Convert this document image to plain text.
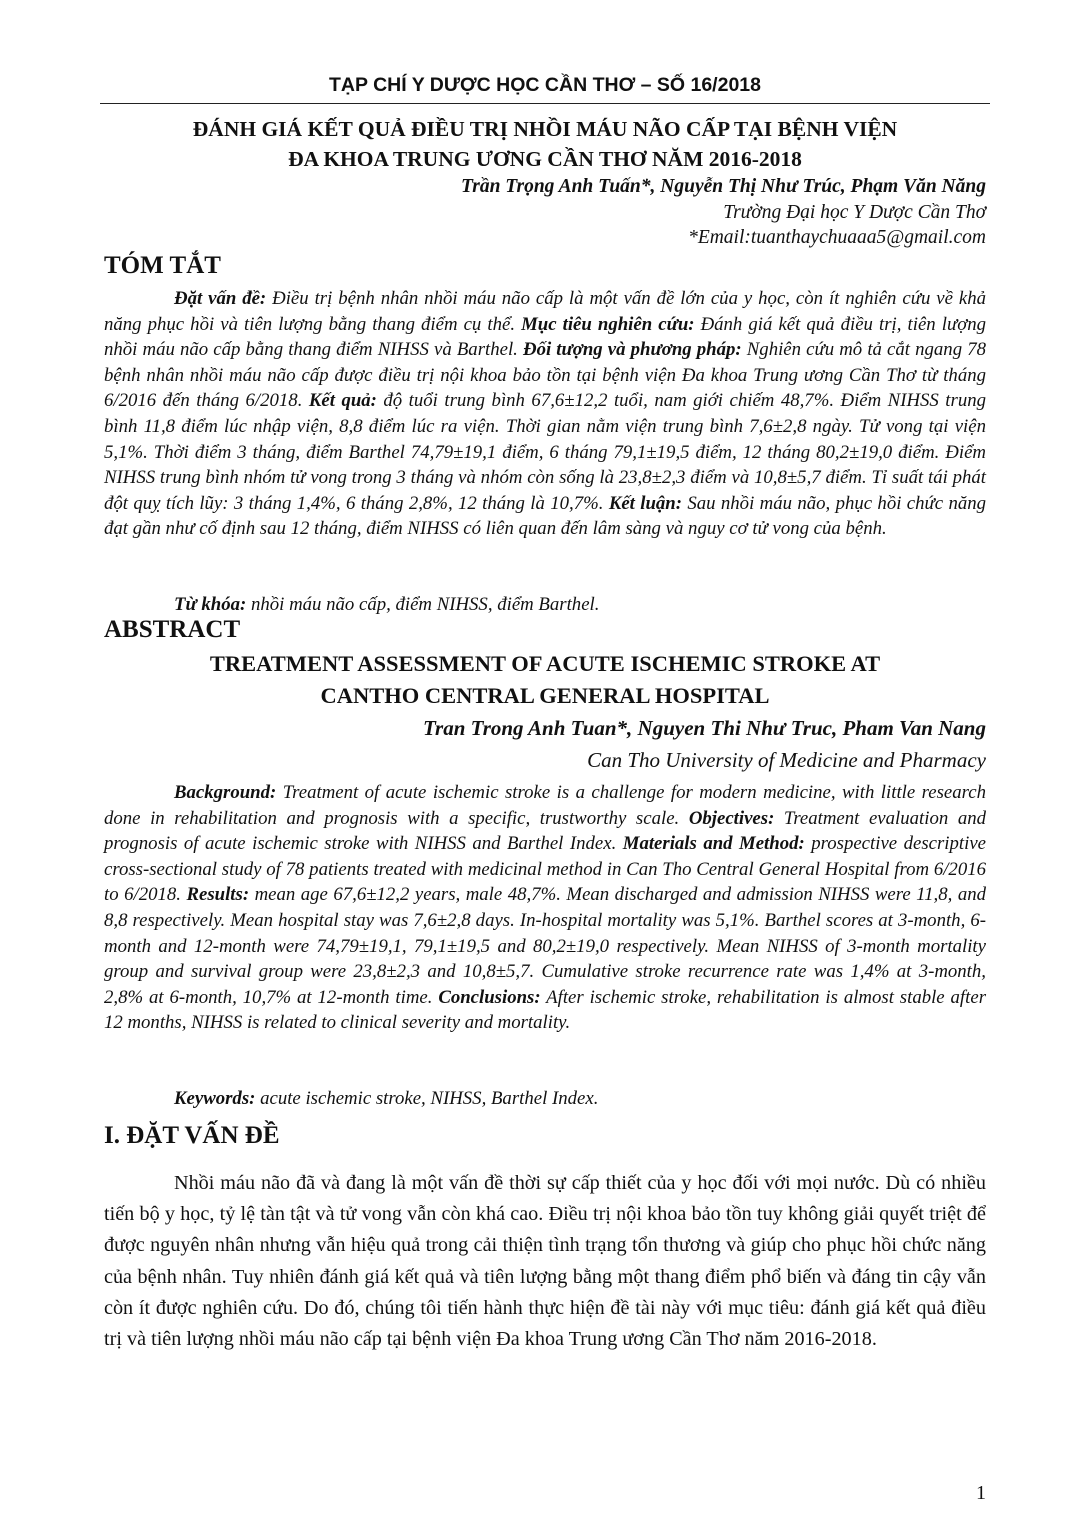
TẠP CHÍ Y DƯỢC HỌC CẦN THƠ – SỐ 16/2018
ĐÁNH GIÁ KẾT QUẢ ĐIỀU TRỊ NHỒI MÁU NÃO CẤP TẠI BỆNH VIỆN
ĐA KHOA TRUNG ƯƠNG CẦN THƠ NĂM 2016-2018
Trần Trọng Anh Tuấn*, Nguyễn Thị Như Trúc, Phạm Văn Năng
Trường Đại học Y Dược Cần Thơ
*Email:tuanthaychuaaa5@gmail.com
TÓM TẮT

Đặt vấn đề: Điều trị bệnh nhân nhồi máu não cấp là một vấn đề lớn của y học, còn ít nghiên cứu về khả năng phục hồi và tiên lượng bằng thang điểm cụ thể. Mục tiêu nghiên cứu: Đánh giá kết quả điều trị, tiên lượng nhồi máu não cấp bằng thang điểm NIHSS và Barthel. Đối tượng và phương pháp: Nghiên cứu mô tả cắt ngang 78 bệnh nhân nhồi máu não cấp được điều trị nội khoa bảo tồn tại bệnh viện Đa khoa Trung ương Cần Thơ từ tháng 6/2016 đến tháng 6/2018. Kết quả: độ tuổi trung bình 67,6±12,2 tuổi, nam giới chiếm 48,7%. Điểm NIHSS trung bình 11,8 điểm lúc nhập viện, 8,8 điểm lúc ra viện. Thời gian nằm viện trung bình 7,6±2,8 ngày. Tử vong tại viện 5,1%. Thời điểm 3 tháng, điểm Barthel 74,79±19,1 điểm, 6 tháng 79,1±19,5 điểm, 12 tháng 80,2±19,0 điểm. Điểm NIHSS trung bình nhóm tử vong trong 3 tháng và nhóm còn sống là 23,8±2,3 điểm và 10,8±5,7 điểm. Tỉ suất tái phát đột quỵ tích lũy: 3 tháng 1,4%, 6 tháng 2,8%, 12 tháng là 10,7%. Kết luận: Sau nhồi máu não, phục hồi chức năng đạt gần như cố định sau 12 tháng, điểm NIHSS có liên quan đến lâm sàng và nguy cơ tử vong của bệnh.

Từ khóa: nhồi máu não cấp, điểm NIHSS, điểm Barthel.

ABSTRACT
TREATMENT ASSESSMENT OF ACUTE ISCHEMIC STROKE AT
CANTHO CENTRAL GENERAL HOSPITAL
Tran Trong Anh Tuan*, Nguyen Thi Như Truc, Pham Van Nang
Can Tho University of Medicine and Pharmacy

Background: Treatment of acute ischemic stroke is a challenge for modern medicine, with little research done in rehabilitation and prognosis with a specific, trustworthy scale. Objectives: Treatment evaluation and prognosis of acute ischemic stroke with NIHSS and Barthel Index. Materials and Method: prospective descriptive cross-sectional study of 78 patients treated with medicinal method in Can Tho Central General Hospital from 6/2016 to 6/2018. Results: mean age 67,6±12,2 years, male 48,7%. Mean discharged and admission NIHSS were 11,8, and 8,8 respectively. Mean hospital stay was 7,6±2,8 days. In-hospital mortality was 5,1%. Barthel scores at 3-month, 6-month and 12-month were 74,79±19,1, 79,1±19,5 and 80,2±19,0 respectively. Mean NIHSS of 3-month mortality group and survival group were 23,8±2,3 and 10,8±5,7. Cumulative stroke recurrence rate was 1,4% at 3-month, 2,8% at 6-month, 10,7% at 12-month time. Conclusions: After ischemic stroke, rehabilitation is almost stable after 12 months, NIHSS is related to clinical severity and mortality.

Keywords: acute ischemic stroke, NIHSS, Barthel Index.

I. ĐẶT VẤN ĐỀ

Nhồi máu não đã và đang là một vấn đề thời sự cấp thiết của y học đối với mọi nước. Dù có nhiều tiến bộ y học, tỷ lệ tàn tật và tử vong vẫn còn khá cao. Điều trị nội khoa bảo tồn tuy không giải quyết triệt để được nguyên nhân nhưng vẫn hiệu quả trong cải thiện tình trạng tổn thương và giúp cho phục hồi chức năng của bệnh nhân. Tuy nhiên đánh giá kết quả và tiên lượng bằng một thang điểm phổ biến và đáng tin cậy vẫn còn ít được nghiên cứu. Do đó, chúng tôi tiến hành thực hiện đề tài này với mục tiêu: đánh giá kết quả điều trị và tiên lượng nhồi máu não cấp tại bệnh viện Đa khoa Trung ương Cần Thơ năm 2016-2018.

1
